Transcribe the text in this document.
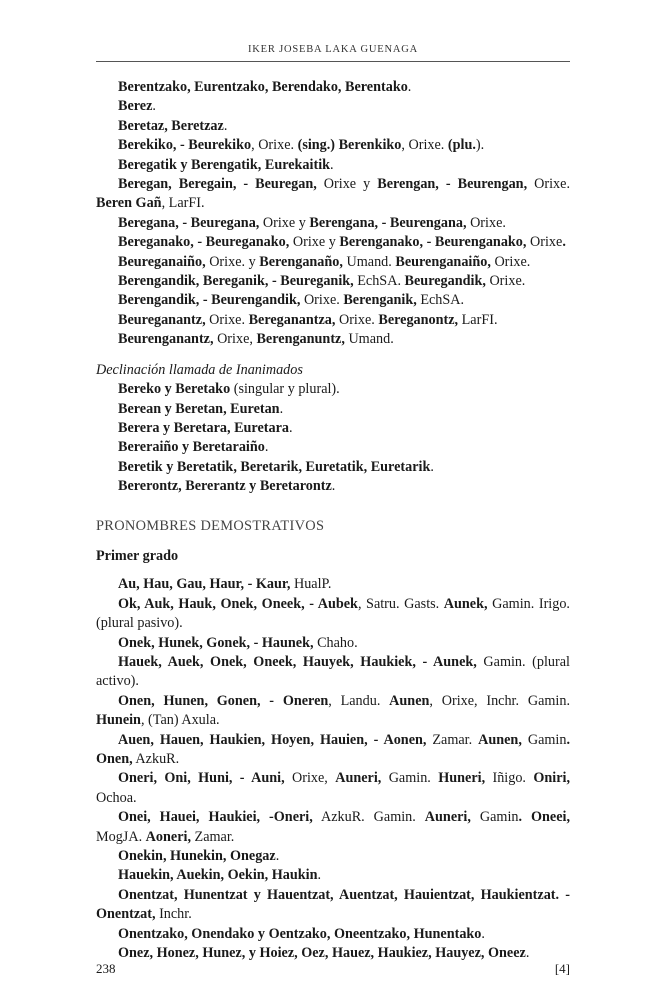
IKER JOSEBA LAKA GUENAGA

Berentzako, Eurentzako, Berendako, Berentako.

Berez.

Beretaz, Beretzaz.

Berekiko, - Beurekiko, Orixe. (sing.) Berenkiko, Orixe. (plu.).

Beregatik y Berengatik, Eurekaitik.

Beregan, Beregain, - Beuregan, Orixe y Berengan, - Beurengan, Orixe. Beren Gañ, LarFI.

Beregana, - Beuregana, Orixe y Berengana, - Beurengana, Orixe.

Bereganako, - Beureganako, Orixe y Berenganako, - Beurenganako, Orixe.

Beureganaiño, Orixe. y Berenganaño, Umand. Beurenganaiño, Orixe.

Berengandik, Bereganik, - Beureganik, EchSA. Beuregandik, Orixe.

Berengandik, - Beurengandik, Orixe. Berenganik, EchSA.

Beureganantz, Orixe. Bereganantza, Orixe. Bereganontz, LarFI.

Beurenganantz, Orixe, Berenganuntz, Umand.

Declinación llamada de Inanimados

Bereko y Beretako (singular y plural).

Berean y Beretan, Euretan.

Berera y Beretara, Euretara.

Bereraiño y Beretaraiño.

Beretik y Beretatik, Beretarik, Euretatik, Euretarik.

Bererontz, Bererantz y Beretarontz.

PRONOMBRES DEMOSTRATIVOS
Primer grado

Au, Hau, Gau, Haur, - Kaur, HualP.

Ok, Auk, Hauk, Onek, Oneek, - Aubek, Satru. Gasts. Aunek, Gamin. Irigo. (plural pasivo).

Onek, Hunek, Gonek, - Haunek, Chaho.

Hauek, Auek, Onek, Oneek, Hauyek, Haukiek, - Aunek, Gamin. (plural activo).

Onen, Hunen, Gonen, - Oneren, Landu. Aunen, Orixe, Inchr. Gamin. Hunein, (Tan) Axula.

Auen, Hauen, Haukien, Hoyen, Hauien, - Aonen, Zamar. Aunen, Gamin. Onen, AzkuR.

Oneri, Oni, Huni, - Auni, Orixe, Auneri, Gamin. Huneri, Iñigo. Oniri, Ochoa.

Onei, Hauei, Haukiei, -Oneri, AzkuR. Gamin. Auneri, Gamin. Oneei, MogJA. Aoneri, Zamar.

Onekin, Hunekin, Onegaz.

Hauekin, Auekin, Oekin, Haukin.

Onentzat, Hunentzat y Hauentzat, Auentzat, Hauientzat, Haukientzat. - Onentzat, Inchr.

Onentzako, Onendako y Oentzako, Oneentzako, Hunentako.

Onez, Honez, Hunez, y Hoiez, Oez, Hauez, Haukiez, Hauyez, Oneez.

238	[4]
